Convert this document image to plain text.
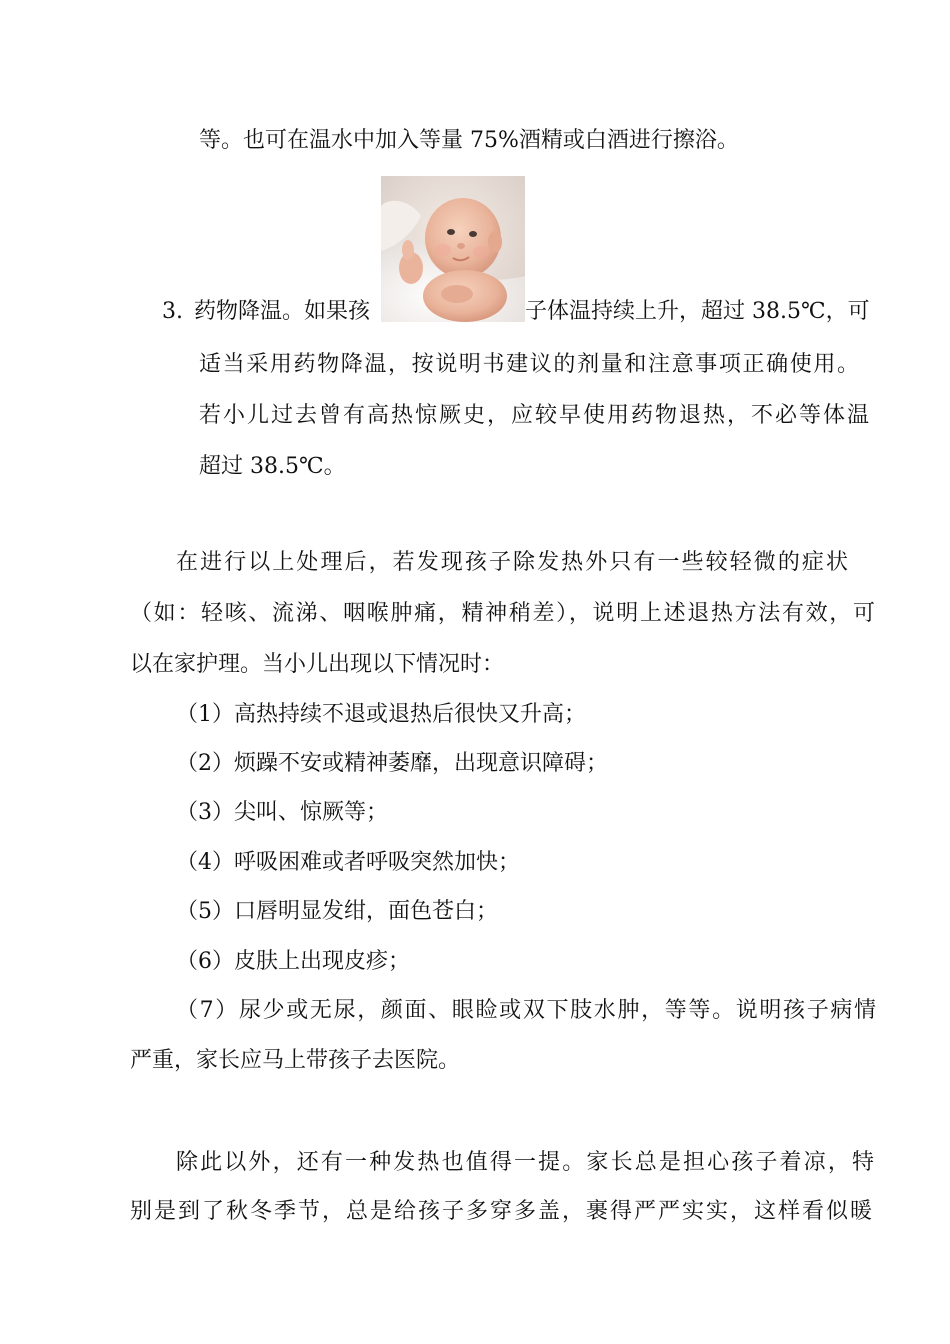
等。也可在温水中加入等量 75%酒精或白酒进行擦浴。
3. 药物降温。如果孩	子体温持续上升，超过 38.5℃，可
适当采用药物降温，按说明书建议的剂量和注意事项正确使用。
若小儿过去曾有高热惊厥史，应较早使用药物退热，不必等体温
超过 38.5℃。
在进行以上处理后，若发现孩子除发热外只有一些较轻微的症状
（如：轻咳、流涕、咽喉肿痛，精神稍差），说明上述退热方法有效，可
以在家护理。当小儿出现以下情况时：
（1）高热持续不退或退热后很快又升高；
（2）烦躁不安或精神萎靡，出现意识障碍；
（3）尖叫、惊厥等；
（4）呼吸困难或者呼吸突然加快；
（5）口唇明显发绀，面色苍白；
（6）皮肤上出现皮疹；
（7）尿少或无尿，颜面、眼睑或双下肢水肿，等等。说明孩子病情
严重，家长应马上带孩子去医院。
除此以外，还有一种发热也值得一提。家长总是担心孩子着凉，特
别是到了秋冬季节，总是给孩子多穿多盖，裹得严严实实，这样看似暖
